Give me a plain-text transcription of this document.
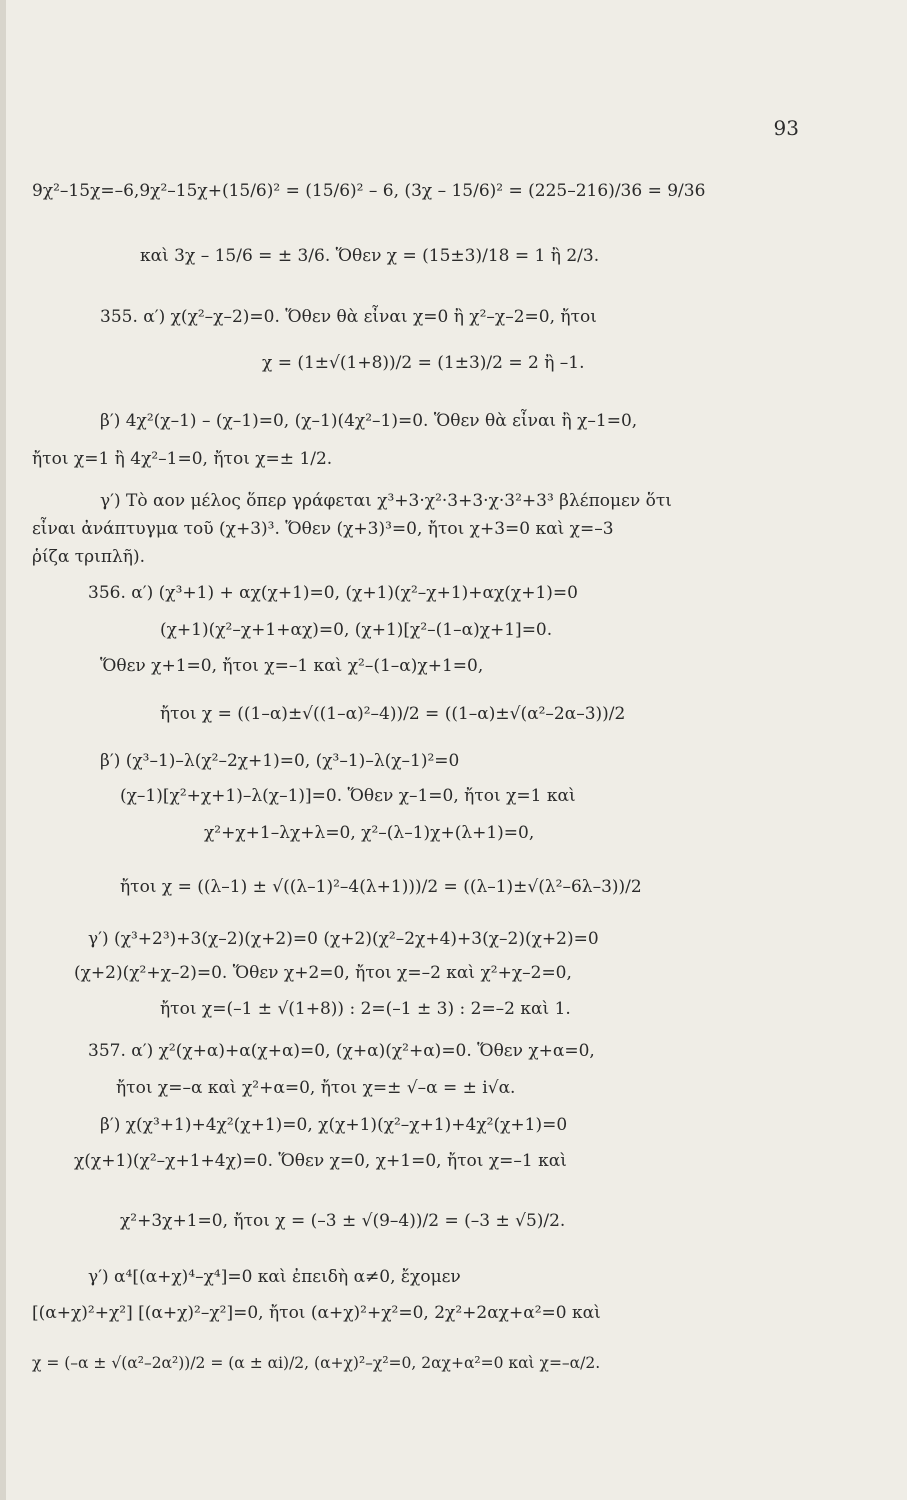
93
9χ²–15χ=–6,9χ²–15χ+(15/6)² = (15/6)² – 6, (3χ – 15/6)² = (225–216)/36 = 9/36
καὶ 3χ – 15/6 = ± 3/6. Ὅθεν χ = (15±3)/18 = 1 ἢ 2/3.
355. α′) χ(χ²–χ–2)=0. Ὅθεν θὰ εἶναι χ=0 ἢ χ²–χ–2=0, ἤτοι
χ = (1±√(1+8))/2 = (1±3)/2 = 2 ἢ –1.
β′) 4χ²(χ–1) – (χ–1)=0, (χ–1)(4χ²–1)=0. Ὅθεν θὰ εἶναι ἢ χ–1=0,
ἤτοι χ=1 ἢ 4χ²–1=0, ἤτοι χ=± 1/2.
γ′) Τὸ αον μέλος ὅπερ γράφεται χ³+3·χ²·3+3·χ·3²+3³ βλέπομεν ὅτι
εἶναι ἀνάπτυγμα τοῦ (χ+3)³. Ὅθεν (χ+3)³=0, ἤτοι χ+3=0 καὶ χ=–3
ῥίζα τριπλῆ).
356. α′) (χ³+1) + αχ(χ+1)=0, (χ+1)(χ²–χ+1)+αχ(χ+1)=0
(χ+1)(χ²–χ+1+αχ)=0, (χ+1)[χ²–(1–α)χ+1]=0.
Ὅθεν χ+1=0, ἤτοι χ=–1 καὶ χ²–(1–α)χ+1=0,
ἤτοι χ = ((1–α)±√((1–α)²–4))/2 = ((1–α)±√(α²–2α–3))/2
β′) (χ³–1)–λ(χ²–2χ+1)=0, (χ³–1)–λ(χ–1)²=0
(χ–1)[χ²+χ+1)–λ(χ–1)]=0. Ὅθεν χ–1=0, ἤτοι χ=1 καὶ
χ²+χ+1–λχ+λ=0, χ²–(λ–1)χ+(λ+1)=0,
ἤτοι χ = ((λ–1) ± √((λ–1)²–4(λ+1)))/2 = ((λ–1)±√(λ²–6λ–3))/2
γ′) (χ³+2³)+3(χ–2)(χ+2)=0 (χ+2)(χ²–2χ+4)+3(χ–2)(χ+2)=0
(χ+2)(χ²+χ–2)=0. Ὅθεν χ+2=0, ἤτοι χ=–2 καὶ χ²+χ–2=0,
ἤτοι χ=(–1 ± √(1+8)) : 2=(–1 ± 3) : 2=–2 καὶ 1.
357. α′) χ²(χ+α)+α(χ+α)=0, (χ+α)(χ²+α)=0. Ὅθεν χ+α=0,
ἤτοι χ=–α καὶ χ²+α=0, ἤτοι χ=± √–α = ± i√α.
β′) χ(χ³+1)+4χ²(χ+1)=0, χ(χ+1)(χ²–χ+1)+4χ²(χ+1)=0
χ(χ+1)(χ²–χ+1+4χ)=0. Ὅθεν χ=0, χ+1=0, ἤτοι χ=–1 καὶ
χ²+3χ+1=0, ἤτοι χ = (–3 ± √(9–4))/2 = (–3 ± √5)/2.
γ′) α⁴[(α+χ)⁴–χ⁴]=0 καὶ ἐπειδὴ α≠0, ἔχομεν
[(α+χ)²+χ²] [(α+χ)²–χ²]=0, ἤτοι (α+χ)²+χ²=0, 2χ²+2αχ+α²=0 καὶ
χ = (–α ± √(α²–2α²))/2 = (α ± αi)/2, (α+χ)²–χ²=0, 2αχ+α²=0 καὶ χ=–α/2.
